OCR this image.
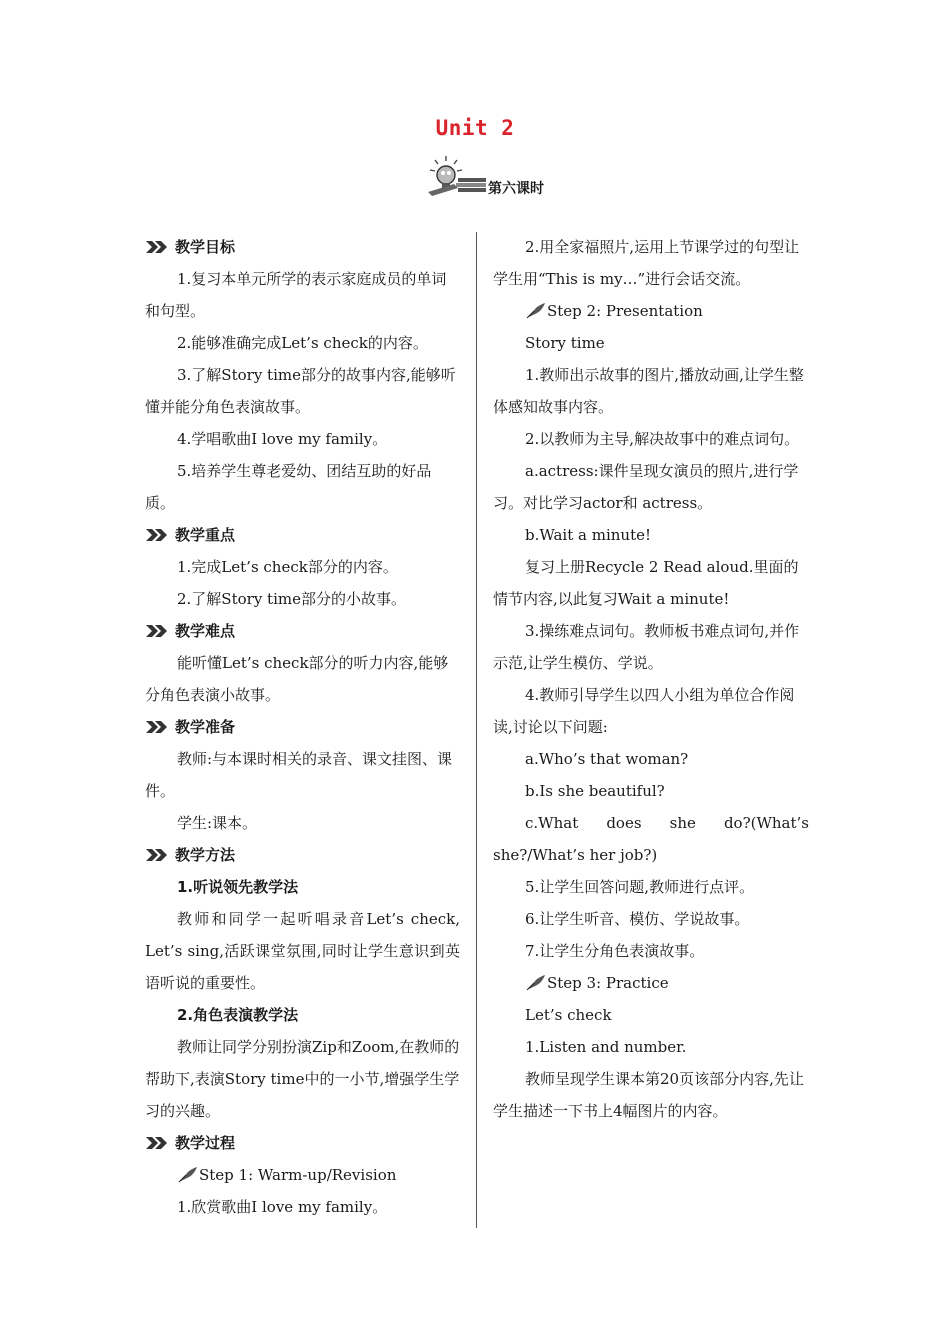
Unit 2
第六课时
教学目标
1.复习本单元所学的表示家庭成员的单词和句型。
2.能够准确完成Let’s check的内容。
3.了解Story time部分的故事内容,能够听懂并能分角色表演故事。
4.学唱歌曲I love my family。
5.培养学生尊老爱幼、团结互助的好品质。
教学重点
1.完成Let’s check部分的内容。
2.了解Story time部分的小故事。
教学难点
能听懂Let’s check部分的听力内容,能够分角色表演小故事。
教学准备
教师:与本课时相关的录音、课文挂图、课件。
学生:课本。
教学方法
1.听说领先教学法
教师和同学一起听唱录音Let’s check, Let’s sing,活跃课堂氛围,同时让学生意识到英语听说的重要性。
2.角色表演教学法
教师让同学分别扮演Zip和Zoom,在教师的帮助下,表演Story time中的一小节,增强学生学习的兴趣。
教学过程
Step 1: Warm-up/Revision
1.欣赏歌曲I love my family。
2.用全家福照片,运用上节课学过的句型让学生用“This is my…”进行会话交流。
Step 2: Presentation
Story time
1.教师出示故事的图片,播放动画,让学生整体感知故事内容。
2.以教师为主导,解决故事中的难点词句。
a.actress:课件呈现女演员的照片,进行学习。对比学习actor和 actress。
b.Wait a minute!
复习上册Recycle 2 Read aloud.里面的情节内容,以此复习Wait a minute!
3.操练难点词句。教师板书难点词句,并作示范,让学生模仿、学说。
4.教师引导学生以四人小组为单位合作阅读,讨论以下问题:
a.Who’s that woman?
b.Is she beautiful?
c.What does she do?(What’s
she?/What’s her job?)
5.让学生回答问题,教师进行点评。
6.让学生听音、模仿、学说故事。
7.让学生分角色表演故事。
Step 3: Practice
Let’s check
1.Listen and number.
教师呈现学生课本第20页该部分内容,先让学生描述一下书上4幅图片的内容。
